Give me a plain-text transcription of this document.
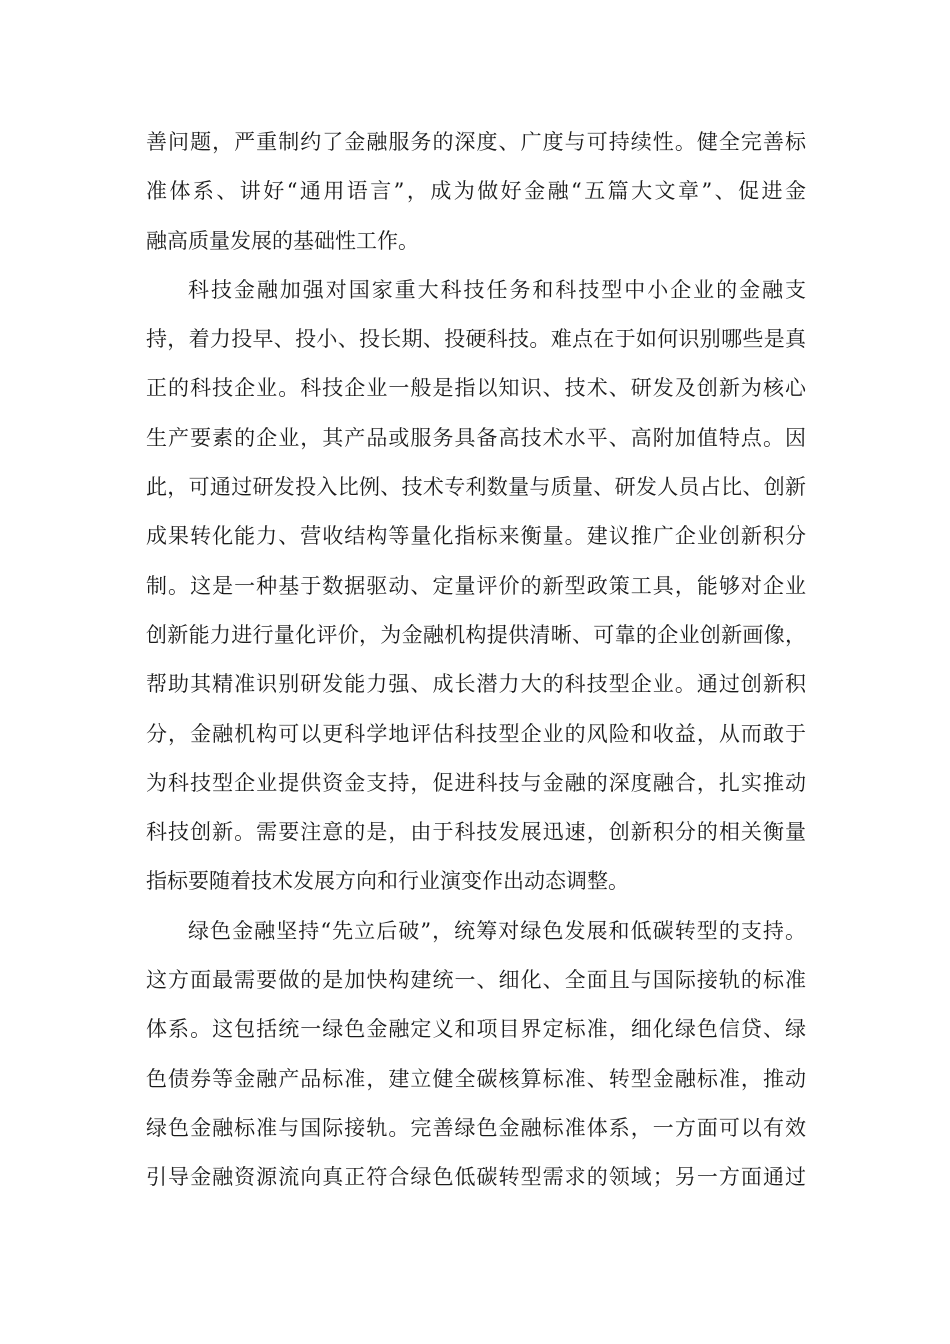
善问题，严重制约了金融服务的深度、广度与可持续性。健全完善标
准体系、讲好“通用语言”，成为做好金融“五篇大文章”、促进金
融高质量发展的基础性工作。
科技金融加强对国家重大科技任务和科技型中小企业的金融支
持，着力投早、投小、投长期、投硬科技。难点在于如何识别哪些是真
正的科技企业。科技企业一般是指以知识、技术、研发及创新为核心
生产要素的企业，其产品或服务具备高技术水平、高附加值特点。因
此，可通过研发投入比例、技术专利数量与质量、研发人员占比、创新
成果转化能力、营收结构等量化指标来衡量。建议推广企业创新积分
制。这是一种基于数据驱动、定量评价的新型政策工具，能够对企业
创新能力进行量化评价，为金融机构提供清晰、可靠的企业创新画像，
帮助其精准识别研发能力强、成长潜力大的科技型企业。通过创新积
分，金融机构可以更科学地评估科技型企业的风险和收益，从而敢于
为科技型企业提供资金支持，促进科技与金融的深度融合，扎实推动
科技创新。需要注意的是，由于科技发展迅速，创新积分的相关衡量
指标要随着技术发展方向和行业演变作出动态调整。
绿色金融坚持“先立后破”，统筹对绿色发展和低碳转型的支持。
这方面最需要做的是加快构建统一、细化、全面且与国际接轨的标准
体系。这包括统一绿色金融定义和项目界定标准，细化绿色信贷、绿
色债券等金融产品标准，建立健全碳核算标准、转型金融标准，推动
绿色金融标准与国际接轨。完善绿色金融标准体系，一方面可以有效
引导金融资源流向真正符合绿色低碳转型需求的领域；另一方面通过
